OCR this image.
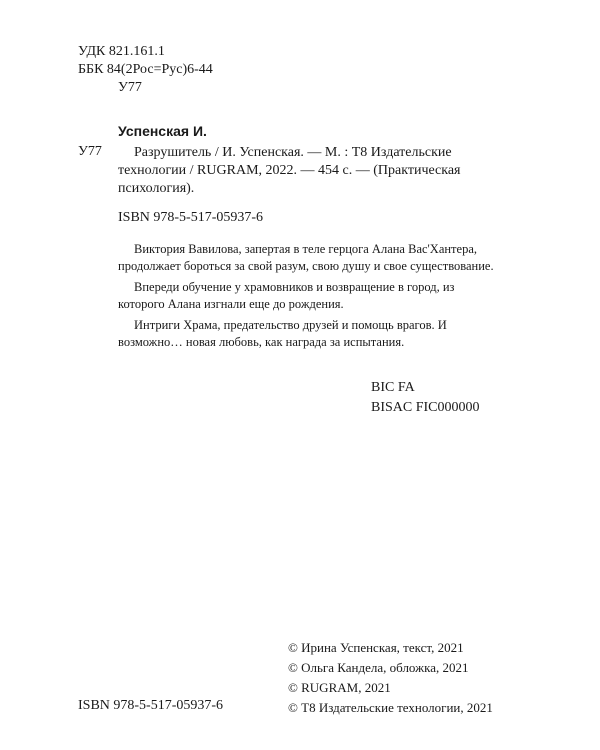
УДК 821.161.1
ББК 84(2Рос=Рус)6-44
У77
Успенская И.
У77	Разрушитель / И. Успенская. — М. : Т8 Издательские
технологии / RUGRAM, 2022. — 454 с. — (Практическая
психология).
ISBN 978-5-517-05937-6

Виктория Вавилова, запертая в теле герцога Алана Вас'Хантера, продолжает бороться за свой разум, свою душу и свое существование.

Впереди обучение у храмовников и возвращение в город, из которого Алана изгнали еще до рождения.

Интриги Храма, предательство друзей и помощь врагов. И возможно… новая любовь, как награда за испытания.

BIC FA
BISAC FIC000000
© Ирина Успенская, текст, 2021
© Ольга Кандела, обложка, 2021
© RUGRAM, 2021
© Т8 Издательские технологии, 2021
ISBN 978-5-517-05937-6
